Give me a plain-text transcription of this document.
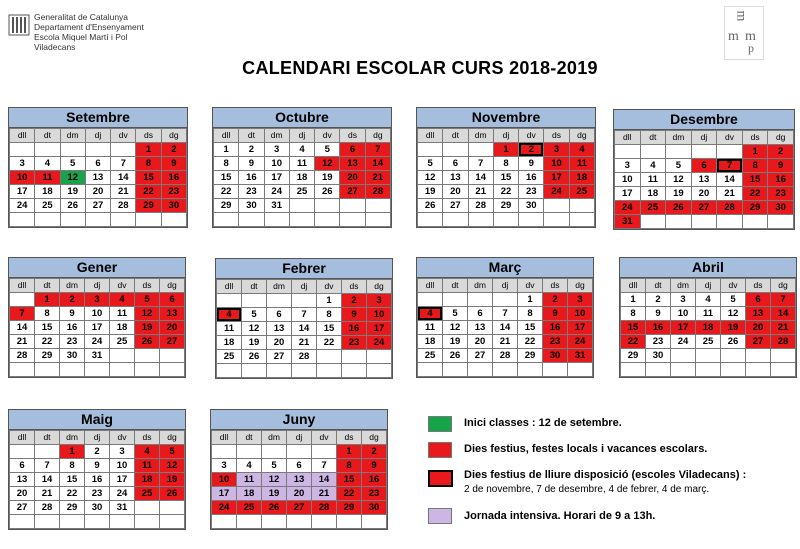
Generalitat de Catalunya
Departament d'Ensenyament
Escola Miquel Martí i Pol
Viladecans
m
m m
p
CALENDARI ESCOLAR CURS 2018-2019
Setembre
dll	dt	dm	dj	dv	ds	dg
					1	2
3	4	5	6	7	8	9
10	11	12	13	14	15	16
17	18	19	20	21	22	23
24	25	26	27	28	29	30

Octubre
dll	dt	dm	dj	dv	ds	dg
1	2	3	4	5	6	7
8	9	10	11	12	13	14
15	16	17	18	19	20	21
22	23	24	25	26	27	28
29	30	31				

Novembre
dll	dt	dm	dj	dv	ds	dg
			1	2	3	4
5	6	7	8	9	10	11
12	13	14	15	16	17	18
19	20	21	22	23	24	25
26	27	28	29	30		

Desembre
dll	dt	dm	dj	dv	ds	dg
					1	2
3	4	5	6	7	8	9
10	11	12	13	14	15	16
17	18	19	20	21	22	23
24	25	26	27	28	29	30
31						
Gener
dll	dt	dm	dj	dv	ds	dg
	1	2	3	4	5	6
7	8	9	10	11	12	13
14	15	16	17	18	19	20
21	22	23	24	25	26	27
28	29	30	31			

Febrer
dll	dt	dm	dj	dv	ds	dg
				1	2	3
4	5	6	7	8	9	10
11	12	13	14	15	16	17
18	19	20	21	22	23	24
25	26	27	28			

Març
dll	dt	dm	dj	dv	ds	dg
				1	2	3
4	5	6	7	8	9	10
11	12	13	14	15	16	17
18	19	20	21	22	23	24
25	26	27	28	29	30	31

Abril
dll	dt	dm	dj	dv	ds	dg
1	2	3	4	5	6	7
8	9	10	11	12	13	14
15	16	17	18	19	20	21
22	23	24	25	26	27	28
29	30					

Maig
dll	dt	dm	dj	dv	ds	dg
		1	2	3	4	5
6	7	8	9	10	11	12
13	14	15	16	17	18	19
20	21	22	23	24	25	26
27	28	29	30	31		

Juny
dll	dt	dm	dj	dv	ds	dg
					1	2
3	4	5	6	7	8	9
10	11	12	13	14	15	16
17	18	19	20	21	22	23
24	25	26	27	28	29	30

Inici classes : 12 de setembre.
Dies festius, festes locals i vacances escolars.
Dies festius de lliure disposició (escoles Viladecans) :
2 de novembre, 7 de desembre, 4 de febrer, 4 de març.
Jornada intensiva. Horari de 9 a 13h.
